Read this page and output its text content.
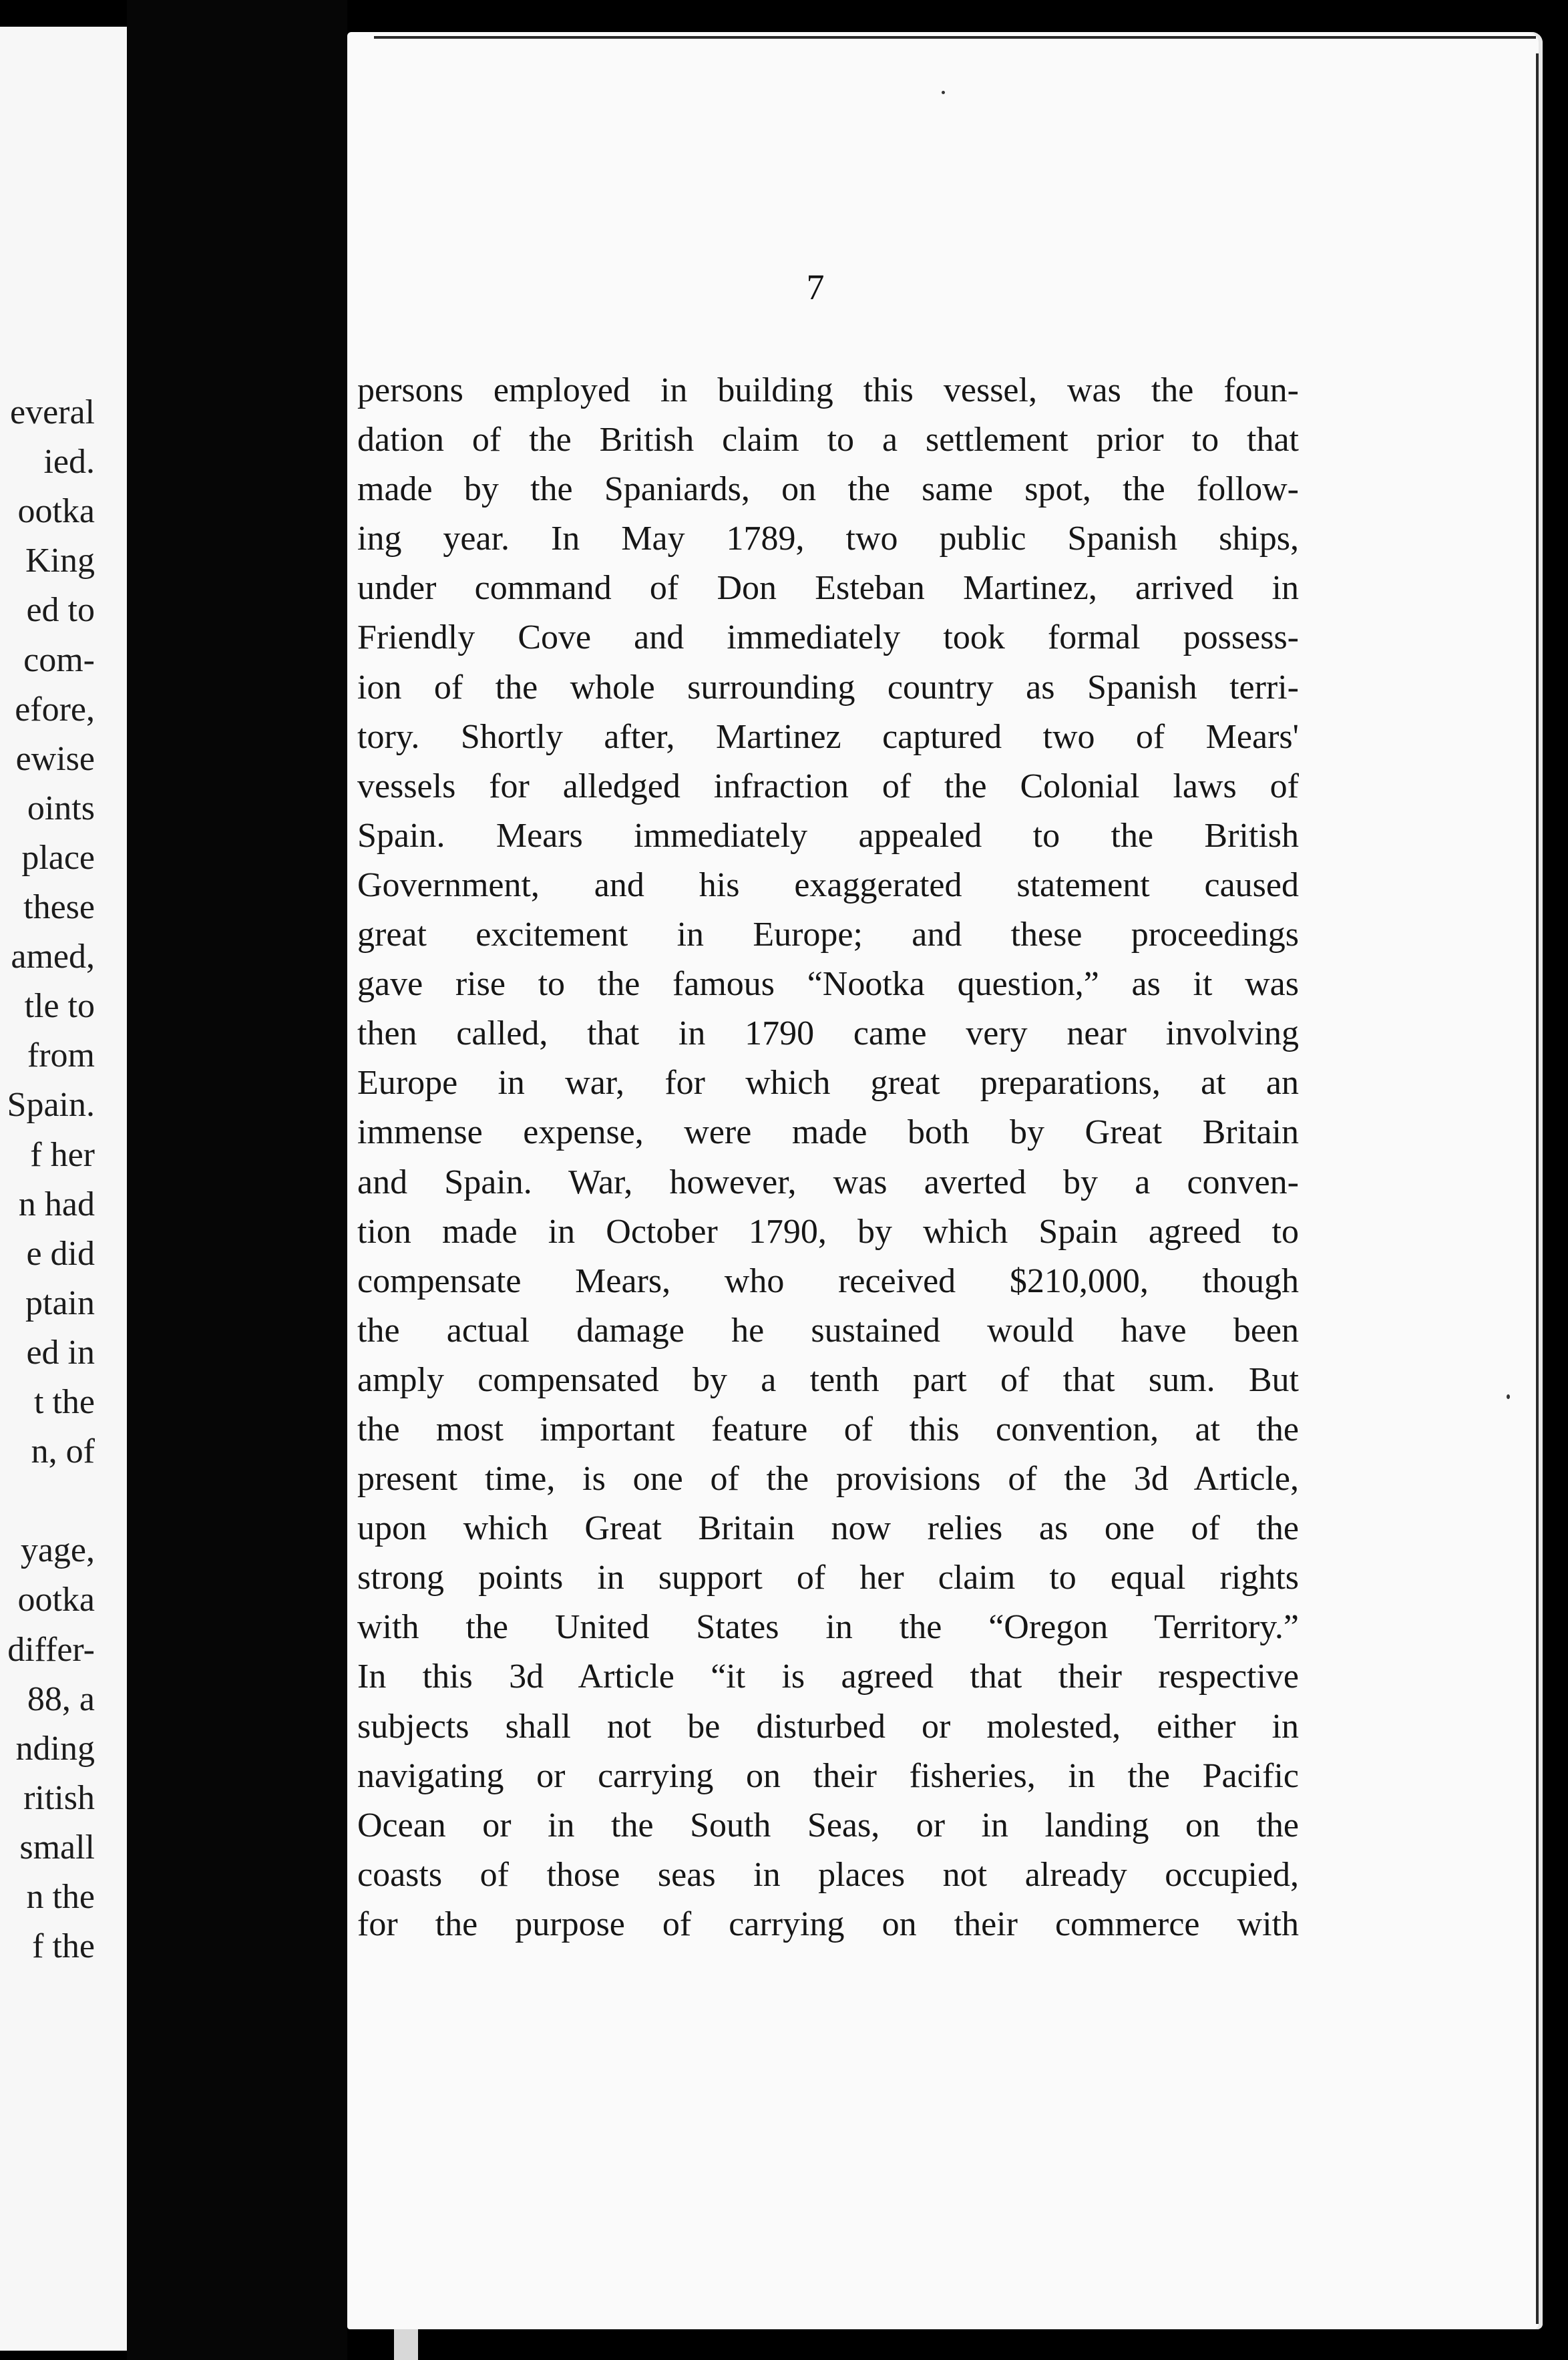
everal
ied.
ootka
King
ed to
com-
efore,
ewise
oints
place
these
amed,
tle to
from
Spain.
f her
n had
e did
ptain
ed in
t the
n, of
yage,
ootka
differ-
88, a
nding
ritish
small
n the
f the
7
persons employed in building this vessel, was the foun-
dation of the British claim to a settlement prior to that
made by the Spaniards, on the same spot, the follow-
ing year. In May 1789, two public Spanish ships,
under command of Don Esteban Martinez, arrived in
Friendly Cove and immediately took formal possess-
ion of the whole surrounding country as Spanish terri-
tory. Shortly after, Martinez captured two of Mears'
vessels for alledged infraction of the Colonial laws of
Spain. Mears immediately appealed to the British
Government, and his exaggerated statement caused
great excitement in Europe; and these proceedings
gave rise to the famous “Nootka question,” as it was
then called, that in 1790 came very near involving
Europe in war, for which great preparations, at an
immense expense, were made both by Great Britain
and Spain. War, however, was averted by a conven-
tion made in October 1790, by which Spain agreed to
compensate Mears, who received $210,000, though
the actual damage he sustained would have been
amply compensated by a tenth part of that sum. But
the most important feature of this convention, at the
present time, is one of the provisions of the 3d Article,
upon which Great Britain now relies as one of the
strong points in support of her claim to equal rights
with the United States in the “Oregon Territory.”
In this 3d Article “it is agreed that their respective
subjects shall not be disturbed or molested, either in
navigating or carrying on their fisheries, in the Pacific
Ocean or in the South Seas, or in landing on the
coasts of those seas in places not already occupied,
for the purpose of carrying on their commerce with
